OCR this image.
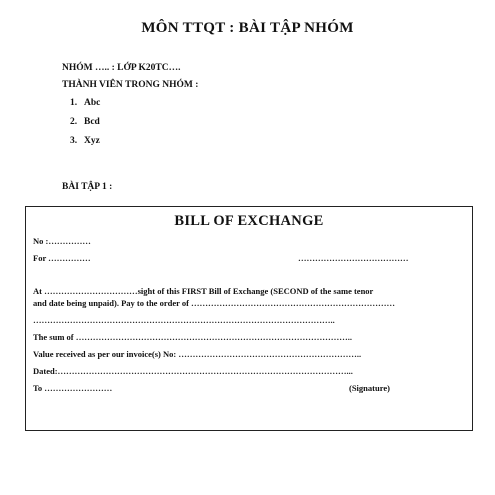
MÔN TTQT : BÀI TẬP NHÓM
NHÓM ….. : LỚP K20TC….
THÀNH VIÊN TRONG NHÓM :
1. Abc
2. Bcd
3. Xyz
BÀI TẬP 1 :
BILL OF EXCHANGE
No :……………
For ……………	…………………………………
At ……………………………sight of this FIRST Bill of Exchange (SECOND of the same tenor
and date being unpaid). Pay to the order of ………………………………………………………………
……………………………………………………………………………………………..
The sum of ……………………………………………………………………………………..
Value received as per our invoice(s) No: ………………………………………………………..
Dated:…………………………………………………………………………………………...
To ……………………	(Signature)
